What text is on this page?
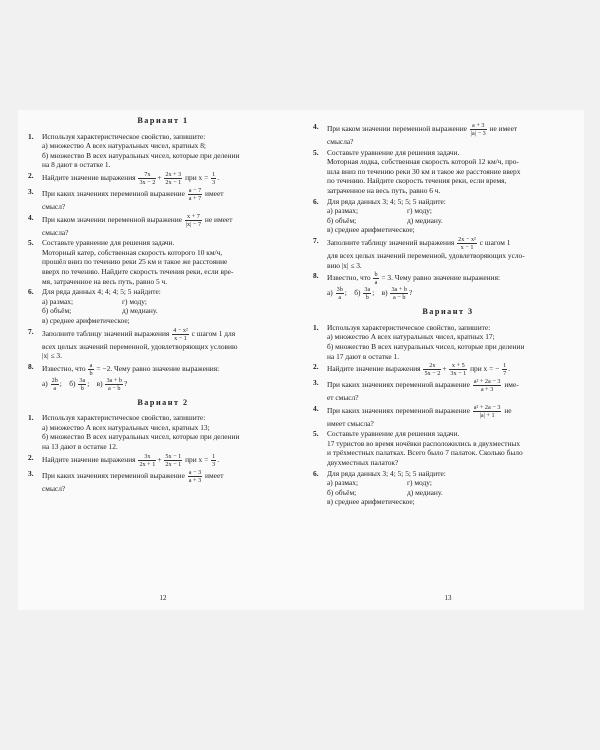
Вариант 1
1. Используя характеристическое свойство, запишите:
а) множество A всех натуральных чисел, кратных 8;
б) множество B всех натуральных чисел, которые при делении
на 8 дают в остатке 1.
2. Найдите значение выражения $\frac{7x}{3x - 2} + \frac{2x + 3}{2x - 1}$ при $x = \frac{1}{3}$ .
3. При каких значениях переменной выражение $\frac{a - 7}{a + 7}$ имеет
смысл?
4. При каком значении переменной выражение $\frac{x + 7}{|x| - 7}$ не имеет
смысла?
5. Составьте уравнение для решения задачи.
Моторный катер, собственная скорость которого 10 км/ч,
прошёл вниз по течению реки 25 км и такое же расстояние
вверх по течению. Найдите скорость течения реки, если вре-
мя, затраченное на весь путь, равно 5 ч.
6. Для ряда данных 4; 4; 4; 5; 5 найдите:
а) размах;	г) моду;
б) объём;	д) медиану.
в) среднее арифметическое;
7. Заполните таблицу значений выражения $\frac{\text{4 − x²}}{x - 1}$ с шагом 1 для
всех целых значений переменной, удовлетворяющих условию
|x| ≤ 3.
8. Известно, что $\frac{a}{b} = -2$. Чему равно значение выражения:
$а) \frac{2b}{a}$ ;    $б) \frac{3a}{b}$ ;    $в) \frac{3a + b}{a - b}$ ?
Вариант 2
1. Используя характеристическое свойство, запишите:
а) множество A всех натуральных чисел, кратных 13;
б) множество B всех натуральных чисел, которые при делении
на 13 дают в остатке 12.
2. Найдите значение выражения $\frac{3x}{2x + 1} + \frac{5x - 1}{2x - 1}$ при $x = \frac{1}{3}$ .
3. При каких значениях переменной выражение $\frac{a - 3}{a + 3}$ имеет
смысл?
12
4. При каком значении переменной выражение $\frac{a + 3}{|a| - 3}$ не имеет
смысла?
5. Составьте уравнение для решения задачи.
Моторная лодка, собственная скорость которой 12 км/ч, про-
шла вниз по течению реки 30 км и такое же расстояние вверх
по течению. Найдите скорость течения реки, если время,
затраченное на весь путь, равно 6 ч.
6. Для ряда данных 3; 4; 5; 5; 5 найдите:
а) размах;	г) моду;
б) объём;	д) медиану.
в) среднее арифметическое;
7. Заполните таблицу значений выражения $\frac{\text{2x − x²}}{x - 1}$ с шагом 1
для всех целых значений переменной, удовлетворяющих усло-
вию |x| ≤ 3.
8. Известно, что $\frac{b}{a} = 3$. Чему равно значение выражения:
$а) \frac{3b}{a}$ ;    $б) \frac{3a}{b}$ ;    $в) \frac{3a + b}{a - b}$ ?
Вариант 3
1. Используя характеристическое свойство, запишите:
а) множество A всех натуральных чисел, кратных 17;
б) множество B всех натуральных чисел, которые при делении
на 17 дают в остатке 1.
2. Найдите значение выражения $\frac{2x}{5x - 2} + \frac{x + 5}{3x - 1}$ при x = − $\frac{1}{7}$ .
3. При каких значениях переменной выражение $\frac{\text{a² + 2a − 3}}{a + 3} име-$
ет смысл?
4. При каких значениях переменной выражение $\frac{\text{a² + 2a − 3}}{|a| + 1}$ не
имеет смысла?
5. Составьте уравнение для решения задачи.
17 туристов во время ночёвки расположились в двухместных
и трёхместных палатках. Всего было 7 палаток. Сколько было
двухместных палаток?
6. Для ряда данных 3; 4; 5; 5; 5 найдите:
а) размах;	г) моду;
б) объём;	д) медиану.
в) среднее арифметическое;
13
